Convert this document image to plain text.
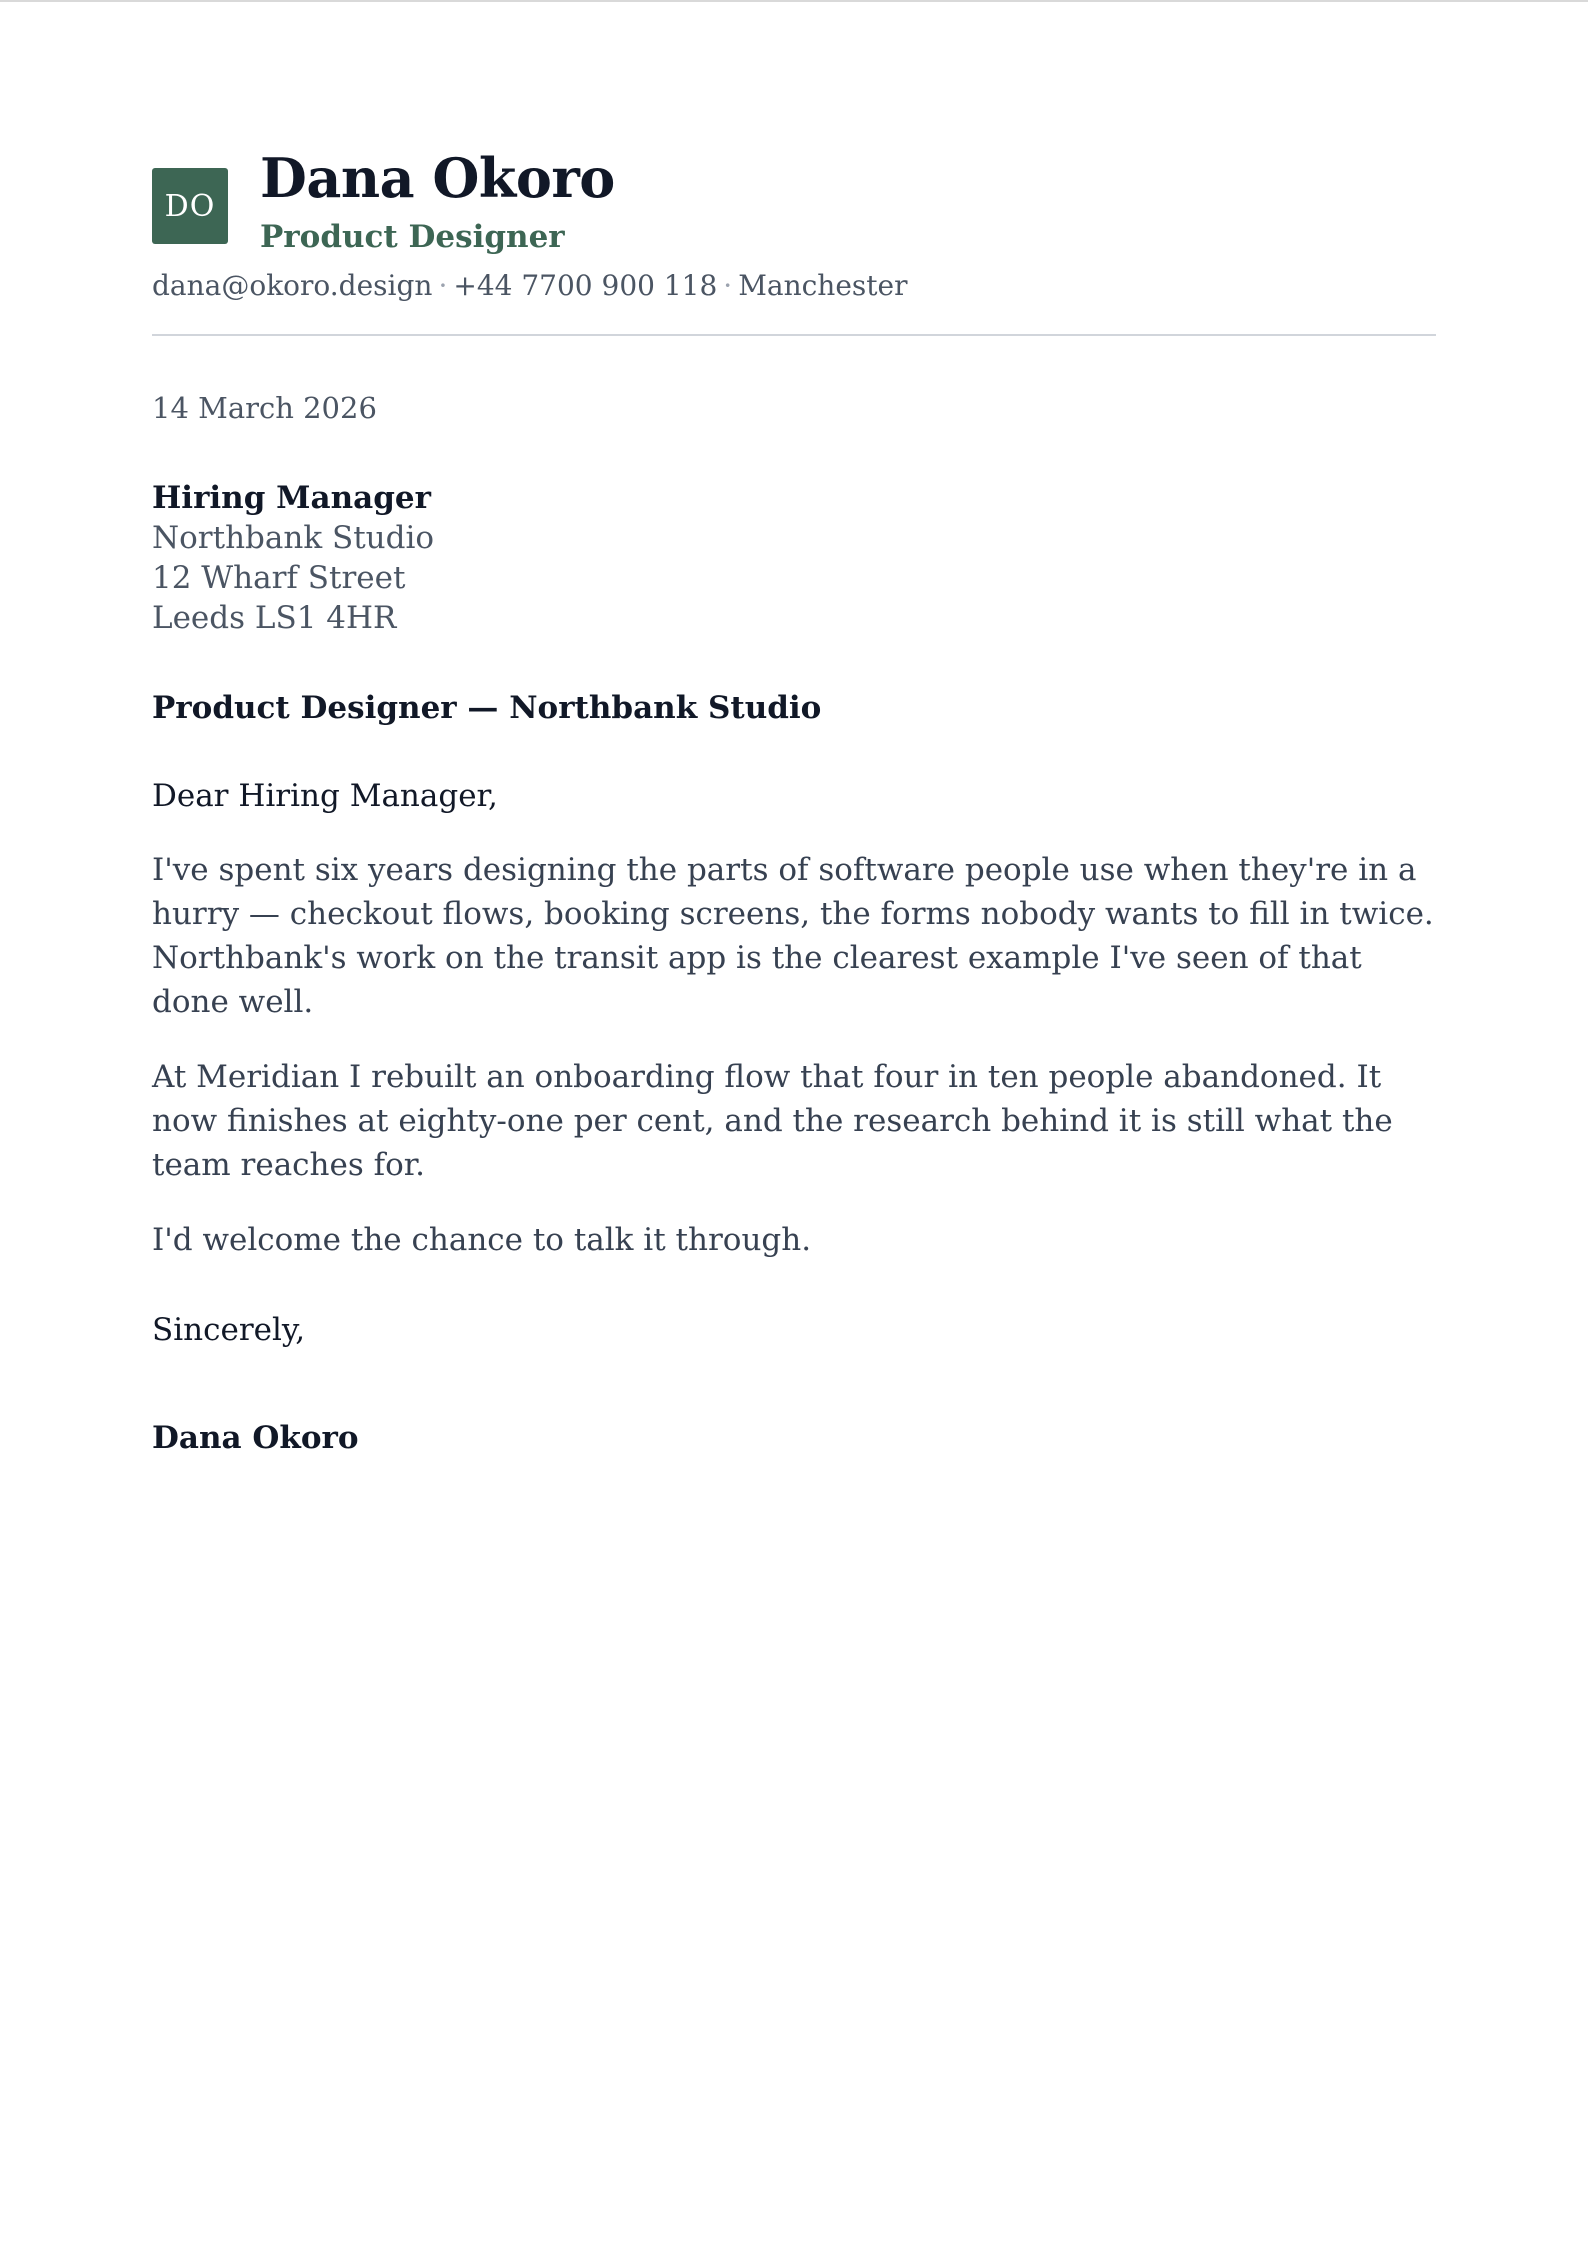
DO Dana Okoro
Product Designer
dana@okoro.design · +44 7700 900 118 · Manchester
14 March 2026
Hiring Manager
Northbank Studio
12 Wharf Street
Leeds LS1 4HR
Product Designer — Northbank Studio
Dear Hiring Manager,

I've spent six years designing the parts of software people use when they're in a hurry — checkout flows, booking screens, the forms nobody wants to fill in twice. Northbank's work on the transit app is the clearest example I've seen of that done well.

At Meridian I rebuilt an onboarding flow that four in ten people abandoned. It now finishes at eighty-one per cent, and the research behind it is still what the team reaches for.

I'd welcome the chance to talk it through.

Sincerely,
Dana Okoro
